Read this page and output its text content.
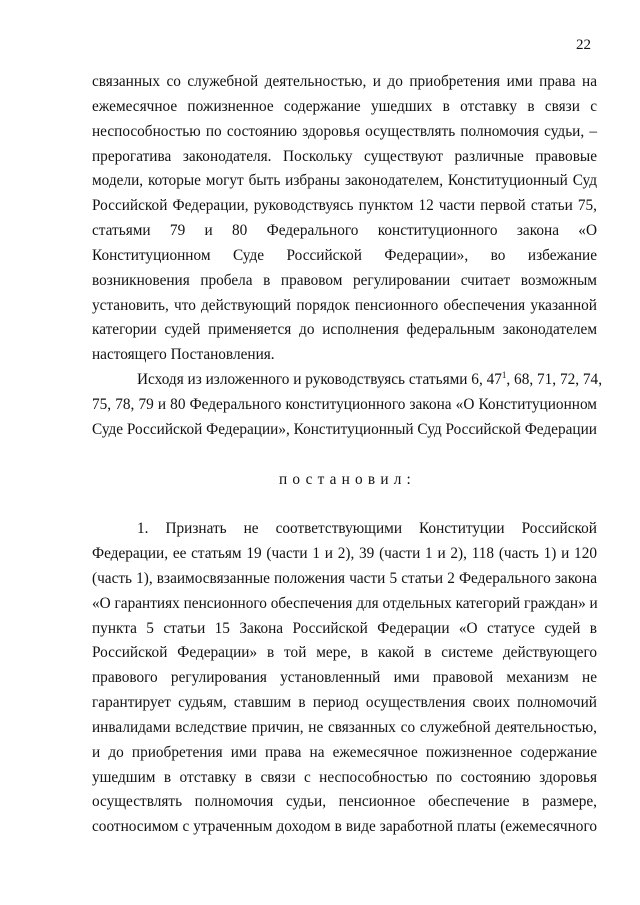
22
связанных со служебной деятельностью, и до приобретения ими права на
ежемесячное пожизненное содержание ушедших в отставку в связи с
неспособностью по состоянию здоровья осуществлять полномочия судьи, –
прерогатива законодателя. Поскольку существуют различные правовые
модели, которые могут быть избраны законодателем, Конституционный Суд
Российской Федерации, руководствуясь пунктом 12 части первой статьи 75,
статьями 79 и 80 Федерального конституционного закона «О
Конституционном Суде Российской Федерации», во избежание
возникновения пробела в правовом регулировании считает возможным
установить, что действующий порядок пенсионного обеспечения указанной
категории судей применяется до исполнения федеральным законодателем
настоящего Постановления.
Исходя из изложенного и руководствуясь статьями 6, $47^1$, 68, 71, 72, 74,
75, 78, 79 и 80 Федерального конституционного закона «О Конституционном
Суде Российской Федерации», Конституционный Суд Российской Федерации
постановил:
1. Признать не соответствующими Конституции Российской
Федерации, ее статьям 19 (части 1 и 2), 39 (части 1 и 2), 118 (часть 1) и 120
(часть 1), взаимосвязанные положения части 5 статьи 2 Федерального закона
«О гарантиях пенсионного обеспечения для отдельных категорий граждан» и
пункта 5 статьи 15 Закона Российской Федерации «О статусе судей в
Российской Федерации» в той мере, в какой в системе действующего
правового регулирования установленный ими правовой механизм не
гарантирует судьям, ставшим в период осуществления своих полномочий
инвалидами вследствие причин, не связанных со служебной деятельностью,
и до приобретения ими права на ежемесячное пожизненное содержание
ушедшим в отставку в связи с неспособностью по состоянию здоровья
осуществлять полномочия судьи, пенсионное обеспечение в размере,
соотносимом с утраченным доходом в виде заработной платы (ежемесячного
